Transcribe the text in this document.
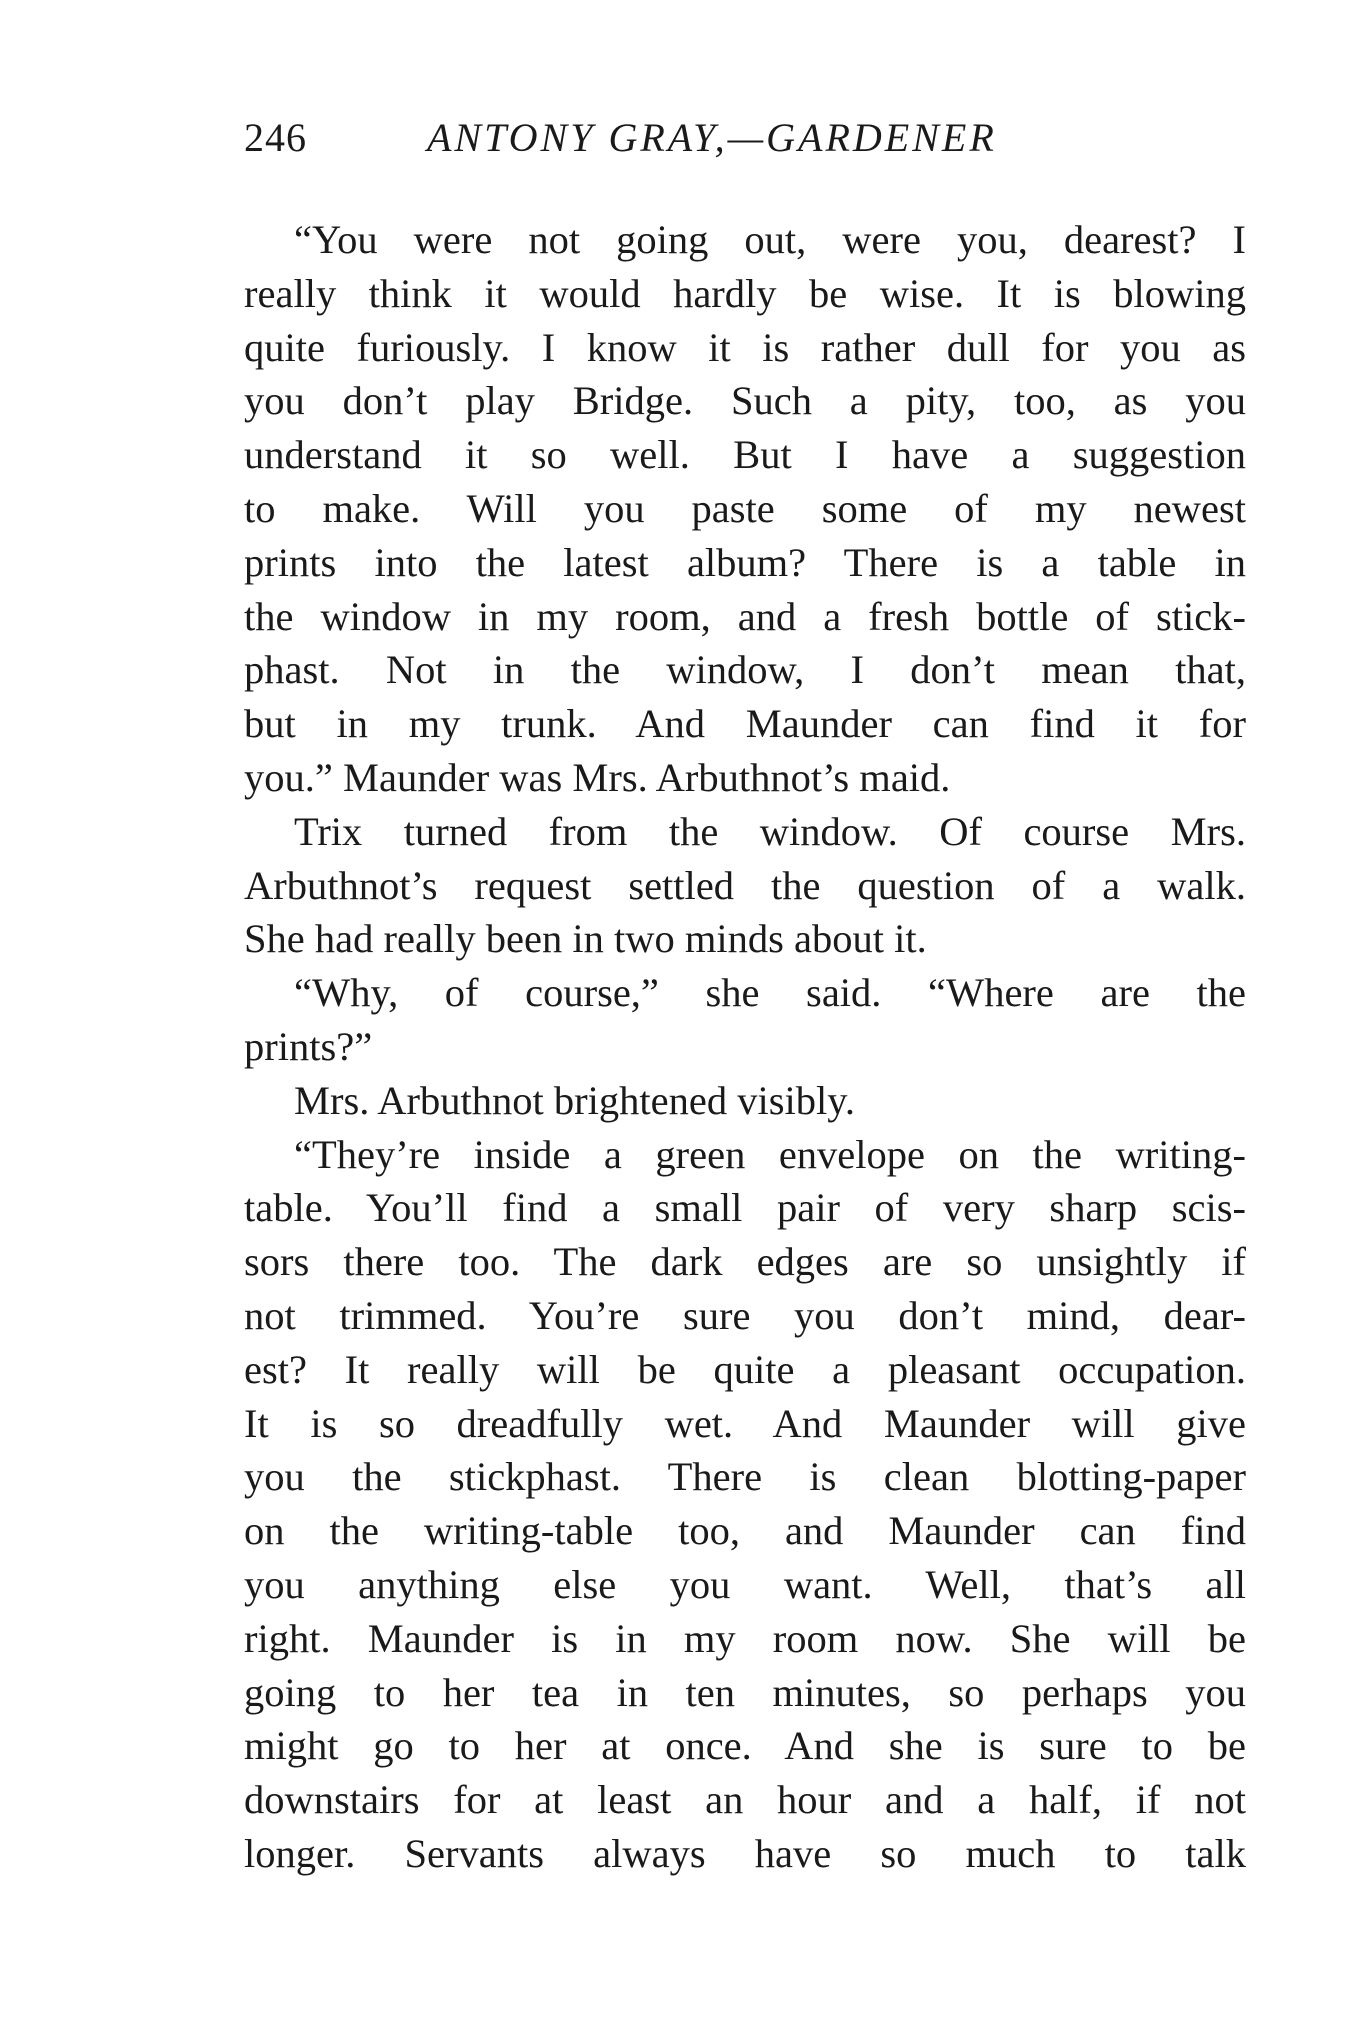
246	ANTONY GRAY,—GARDENER
“You were not going out, were you, dearest? I
really think it would hardly be wise. It is blowing
quite furiously. I know it is rather dull for you as
you don’t play Bridge. Such a pity, too, as you
understand it so well. But I have a suggestion
to make. Will you paste some of my newest
prints into the latest album? There is a table in
the window in my room, and a fresh bottle of stick-
phast. Not in the window, I don’t mean that,
but in my trunk. And Maunder can find it for
you.” Maunder was Mrs. Arbuthnot’s maid.
Trix turned from the window. Of course Mrs.
Arbuthnot’s request settled the question of a walk.
She had really been in two minds about it.
“Why, of course,” she said. “Where are the
prints?”
Mrs. Arbuthnot brightened visibly.
“They’re inside a green envelope on the writing-
table. You’ll find a small pair of very sharp scis-
sors there too. The dark edges are so unsightly if
not trimmed. You’re sure you don’t mind, dear-
est? It really will be quite a pleasant occupation.
It is so dreadfully wet. And Maunder will give
you the stickphast. There is clean blotting-paper
on the writing-table too, and Maunder can find
you anything else you want. Well, that’s all
right. Maunder is in my room now. She will be
going to her tea in ten minutes, so perhaps you
might go to her at once. And she is sure to be
downstairs for at least an hour and a half, if not
longer. Servants always have so much to talk
